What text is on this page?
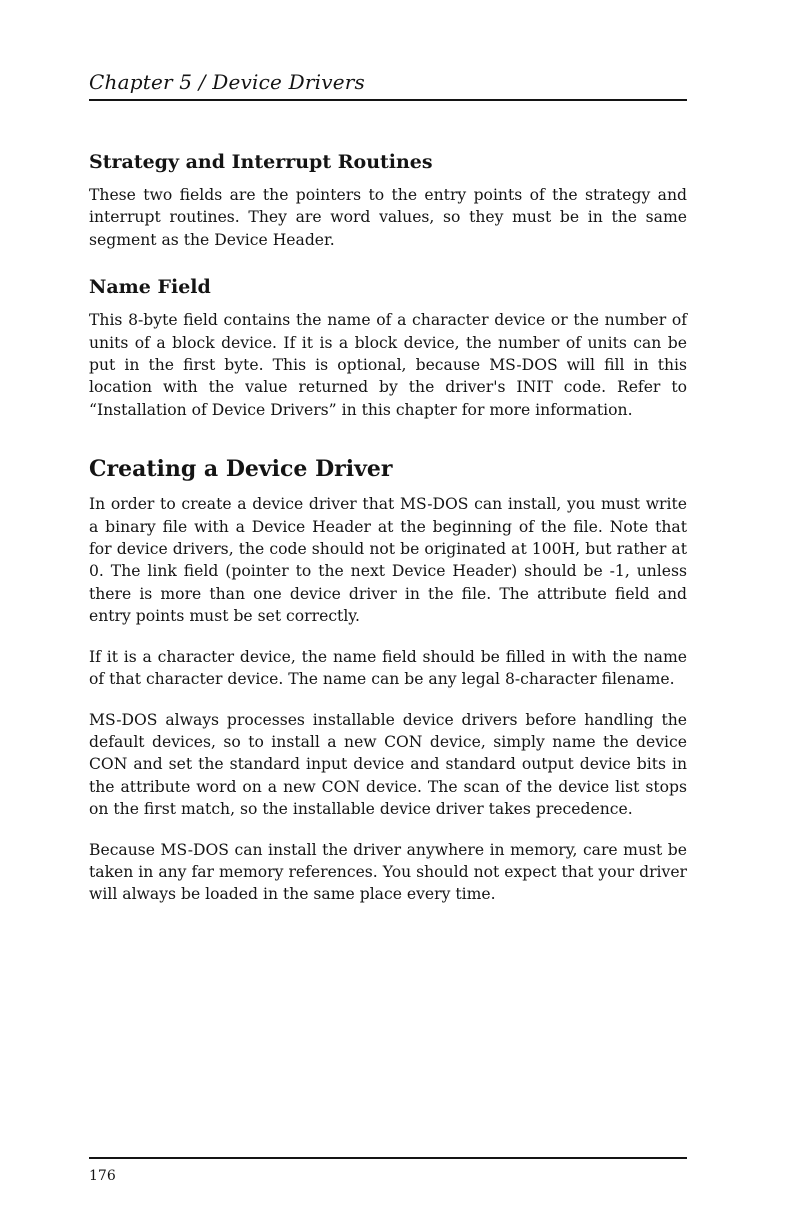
Chapter 5 / Device Drivers
Strategy and Interrupt Routines

These two fields are the pointers to the entry points of the strategy and interrupt routines. They are word values, so they must be in the same segment as the Device Header.

Name Field

This 8-byte field contains the name of a character device or the number of units of a block device. If it is a block device, the number of units can be put in the first byte. This is optional, because MS-DOS will fill in this location with the value returned by the driver's INIT code. Refer to “Installation of Device Drivers” in this chapter for more information.

Creating a Device Driver

In order to create a device driver that MS-DOS can install, you must write a binary file with a Device Header at the beginning of the file. Note that for device drivers, the code should not be originated at 100H, but rather at 0. The link field (pointer to the next Device Header) should be -1, unless there is more than one device driver in the file. The attribute field and entry points must be set correctly.

If it is a character device, the name field should be filled in with the name of that character device. The name can be any legal 8-character filename.

MS-DOS always processes installable device drivers before handling the default devices, so to install a new CON device, simply name the device CON and set the standard input device and standard output device bits in the attribute word on a new CON device. The scan of the device list stops on the first match, so the installable device driver takes precedence.

Because MS-DOS can install the driver anywhere in memory, care must be taken in any far memory references. You should not expect that your driver will always be loaded in the same place every time.

176
